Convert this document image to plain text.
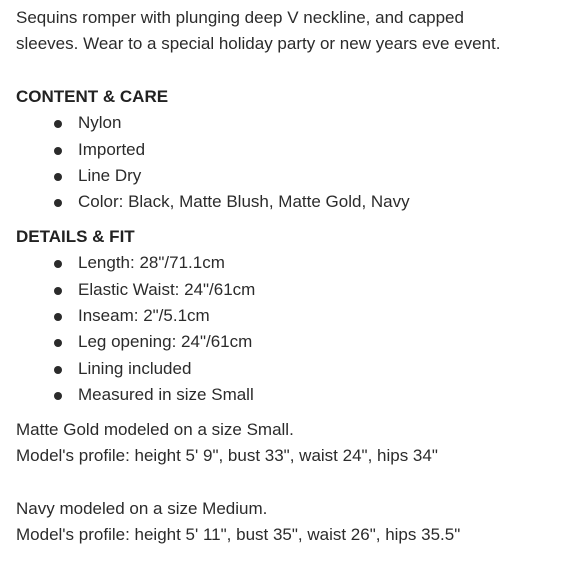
Sequins romper with plunging deep V neckline, and capped

sleeves. Wear to a special holiday party or new years eve event.

CONTENT & CARE

Nylon
Imported
Line Dry
Color: Black, Matte Blush, Matte Gold, Navy

DETAILS & FIT

Length: 28"/71.1cm
Elastic Waist: 24"/61cm
Inseam: 2"/5.1cm
Leg opening: 24"/61cm
Lining included
Measured in size Small

Matte Gold modeled on a size Small.

Model's profile: height 5' 9", bust 33", waist 24", hips 34"

Navy modeled on a size Medium.

Model's profile: height 5' 11", bust 35", waist 26", hips 35.5"
